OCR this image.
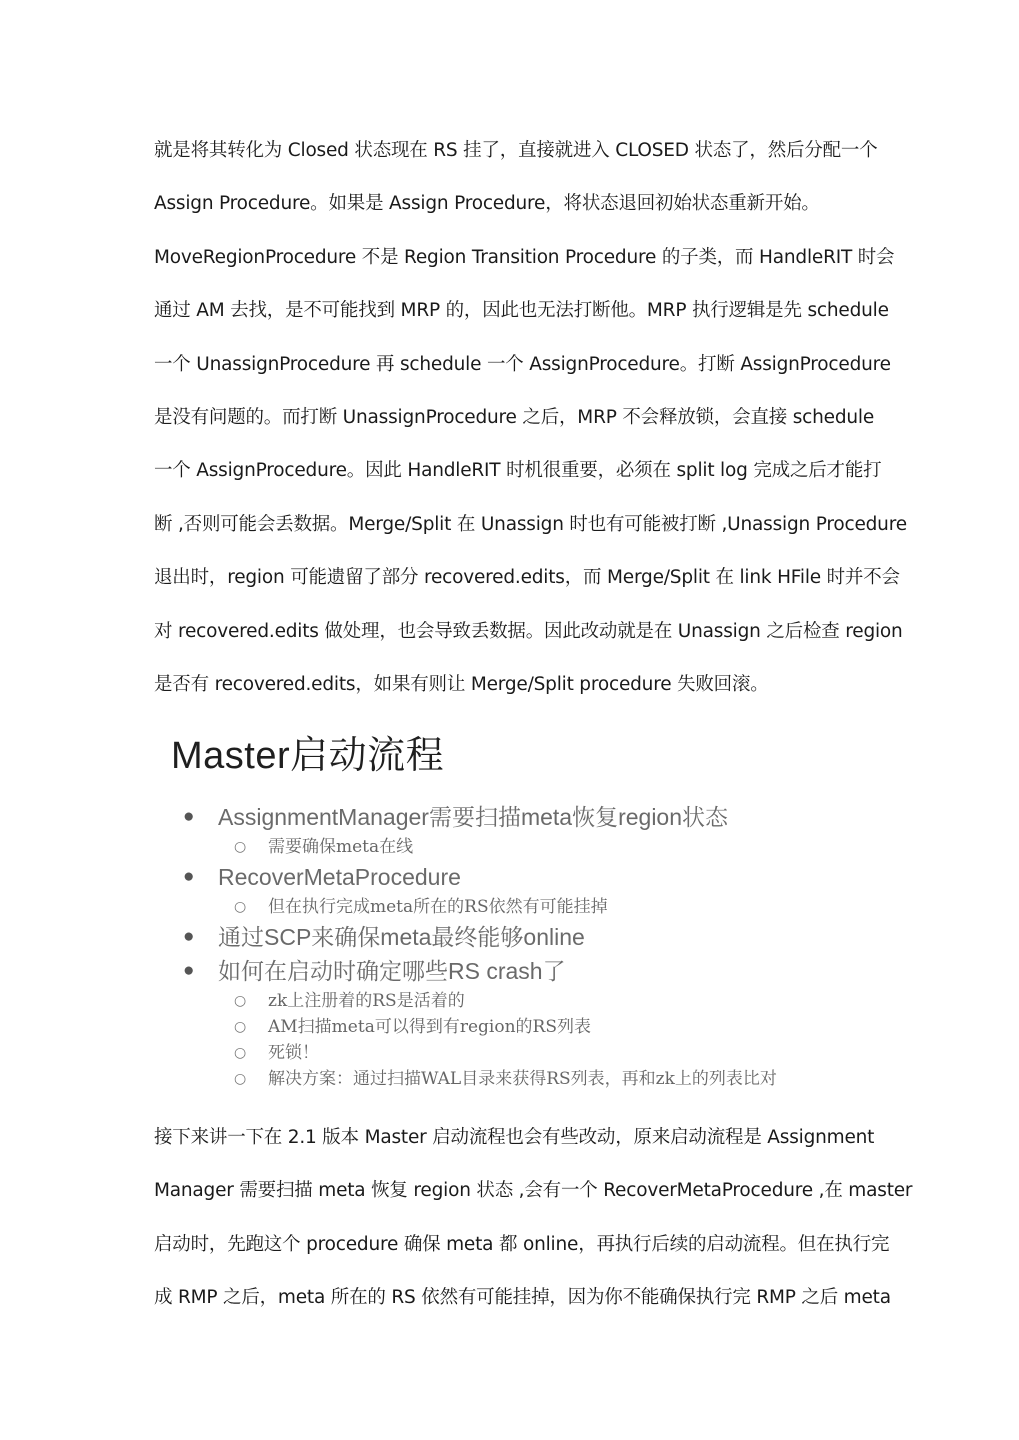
就是将其转化为 Closed 状态现在 RS 挂了，直接就进入 CLOSED 状态了，然后分配一个
Assign Procedure。如果是 Assign Procedure，将状态退回初始状态重新开始。
MoveRegionProcedure 不是 Region Transition Procedure 的子类，而 HandleRIT 时会
通过 AM 去找，是不可能找到 MRP 的，因此也无法打断他。MRP 执行逻辑是先 schedule
一个 UnassignProcedure 再 schedule 一个 AssignProcedure。打断 AssignProcedure
是没有问题的。而打断 UnassignProcedure 之后，MRP 不会释放锁，会直接 schedule
一个 AssignProcedure。因此 HandleRIT 时机很重要，必须在 split log 完成之后才能打
断 ,否则可能会丢数据。Merge/Split 在 Unassign 时也有可能被打断 ,Unassign Procedure
退出时，region 可能遗留了部分 recovered.edits，而 Merge/Split 在 link HFile 时并不会
对 recovered.edits 做处理，也会导致丢数据。因此改动就是在 Unassign 之后检查 region
是否有 recovered.edits，如果有则让 Merge/Split procedure 失败回滚。
Master启动流程
● AssignmentManager需要扫描meta恢复region状态
○ 需要确保meta在线
● RecoverMetaProcedure
○ 但在执行完成meta所在的RS依然有可能挂掉
● 通过SCP来确保meta最终能够online
● 如何在启动时确定哪些RS crash了
○ zk上注册着的RS是活着的
○ AM扫描meta可以得到有region的RS列表
○ 死锁！
○ 解决方案：通过扫描WAL目录来获得RS列表，再和zk上的列表比对
接下来讲一下在 2.1 版本 Master 启动流程也会有些改动，原来启动流程是 Assignment
Manager 需要扫描 meta 恢复 region 状态 ,会有一个 RecoverMetaProcedure ,在 master
启动时，先跑这个 procedure 确保 meta 都 online，再执行后续的启动流程。但在执行完
成 RMP 之后，meta 所在的 RS 依然有可能挂掉，因为你不能确保执行完 RMP 之后 meta
